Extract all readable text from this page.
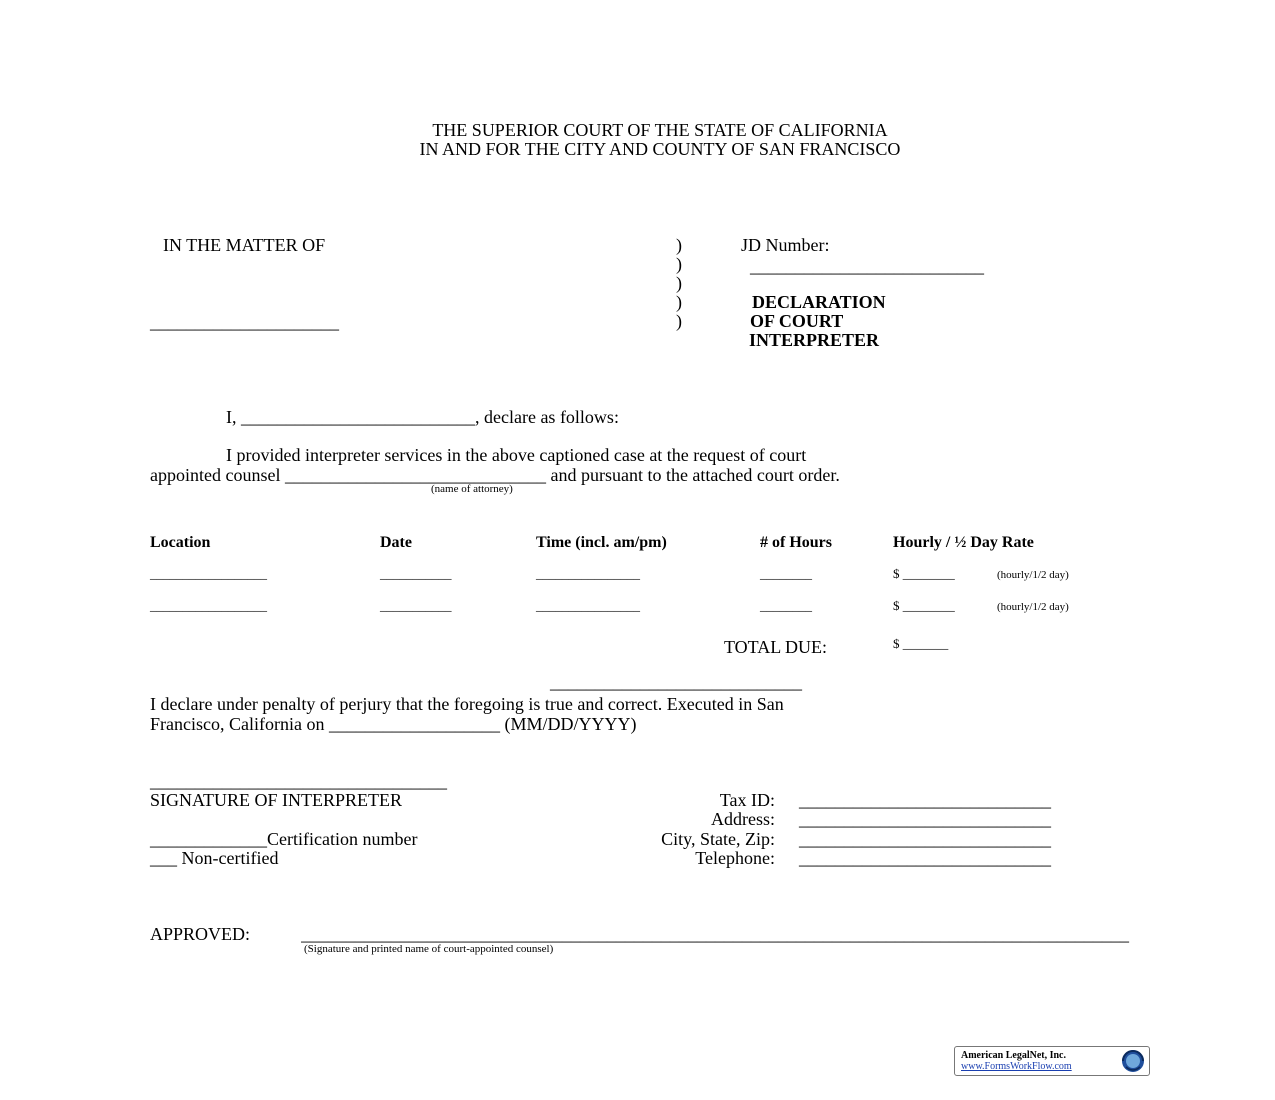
THE SUPERIOR COURT OF THE STATE OF CALIFORNIA
IN AND FOR THE CITY AND COUNTY OF SAN FRANCISCO
IN THE MATTER OF
_____________________
)
)
)
)
)
JD Number:
__________________________
DECLARATION
OF COURT
INTERPRETER
I, __________________________, declare as follows:
I provided interpreter services in the above captioned case at the request of court
appointed counsel _____________________________ and pursuant to the attached court order.
(name of attorney)
Location	Date	Time (incl. am/pm)	# of Hours	Hourly / ½ Day Rate
__________________	___________	________________	________	$ ________	(hourly/1/2 day)
__________________	___________	________________	________	$ ________	(hourly/1/2 day)
TOTAL DUE:	$ _______
____________________________
I declare under penalty of perjury that the foregoing is true and correct. Executed in San
Francisco, California on ___________________ (MM/DD/YYYY)
_________________________________
SIGNATURE OF INTERPRETER
_____________Certification number
___ Non-certified
Tax ID: ____________________________
Address: ____________________________
City, State, Zip: ____________________________
Telephone: ____________________________
APPROVED:	____________________________________________________________________________________________
(Signature and printed name of court-appointed counsel)
American LegalNet, Inc.
www.FormsWorkFlow.com
